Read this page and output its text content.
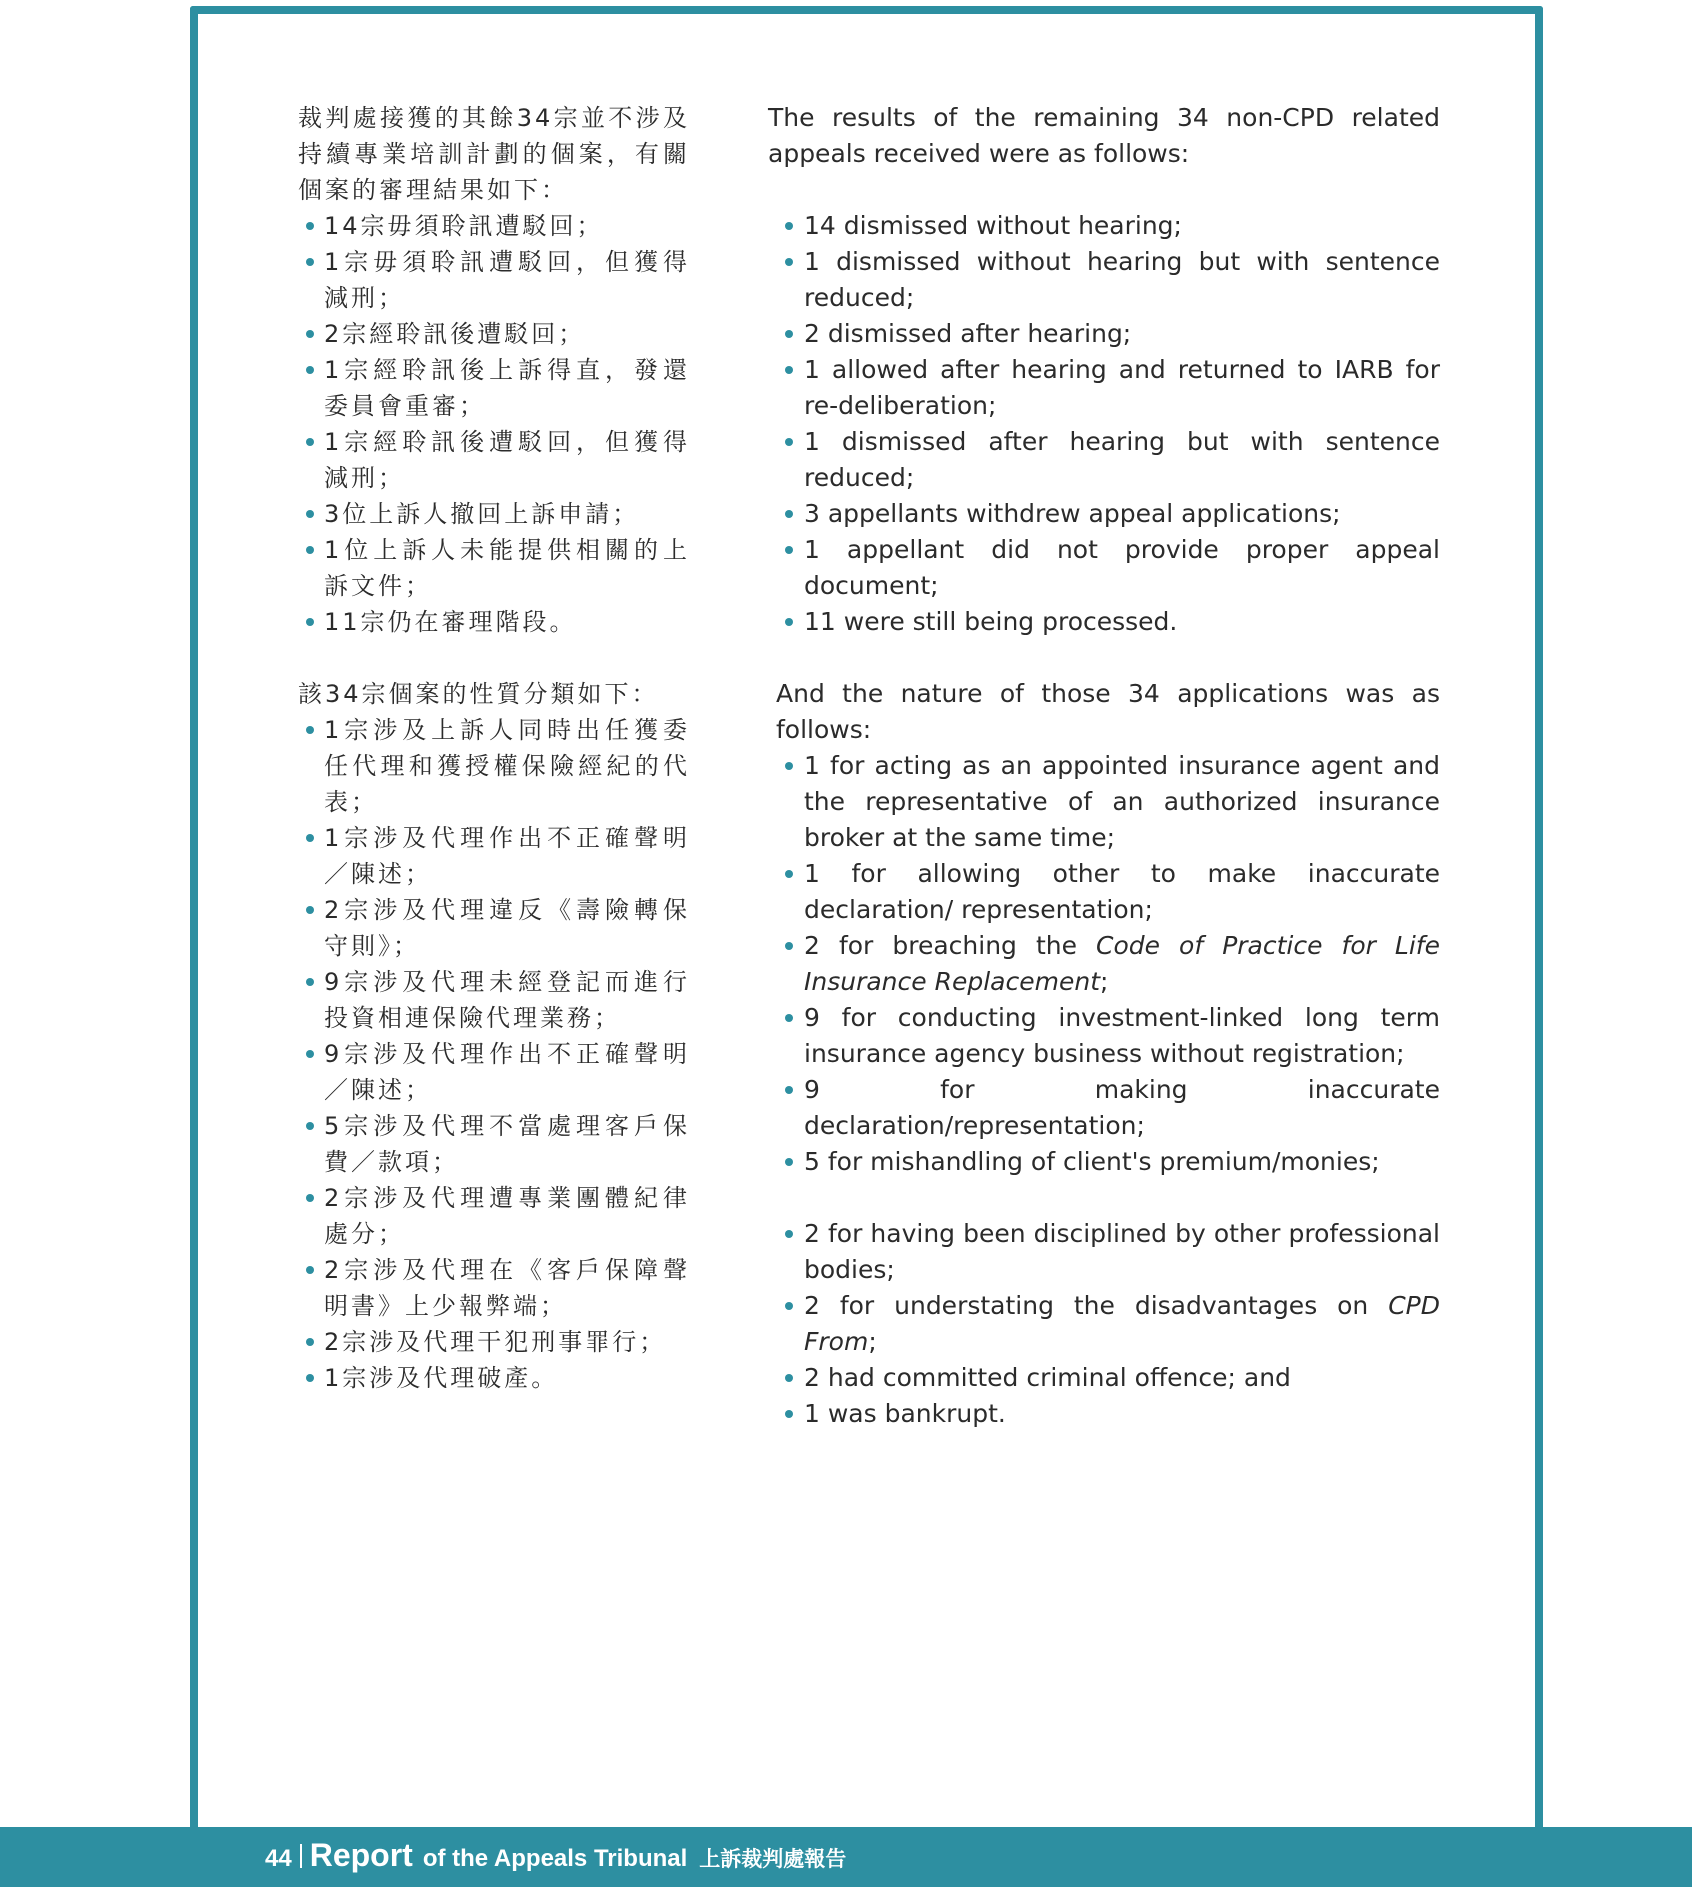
裁判處接獲的其餘34宗並不涉及持續專業培訓計劃的個案，有關個案的審理結果如下：

14宗毋須聆訊遭駁回；
1宗毋須聆訊遭駁回，但獲得減刑；
2宗經聆訊後遭駁回；
1宗經聆訊後上訴得直，發還委員會重審；
1宗經聆訊後遭駁回，但獲得減刑；
3位上訴人撤回上訴申請；
1位上訴人未能提供相關的上訴文件；
11宗仍在審理階段。

該34宗個案的性質分類如下：

1宗涉及上訴人同時出任獲委任代理和獲授權保險經紀的代表；
1宗涉及代理作出不正確聲明／陳述；
2宗涉及代理違反《壽險轉保守則》；
9宗涉及代理未經登記而進行投資相連保險代理業務；
9宗涉及代理作出不正確聲明／陳述；
5宗涉及代理不當處理客戶保費／款項；
2宗涉及代理遭專業團體紀律處分；
2宗涉及代理在《客戶保障聲明書》上少報弊端；
2宗涉及代理干犯刑事罪行；
1宗涉及代理破產。

The results of the remaining 34 non-CPD related appeals received were as follows:

14 dismissed without hearing;
1 dismissed without hearing but with sentence reduced;
2 dismissed after hearing;
1 allowed after hearing and returned to IARB for re-deliberation;
1 dismissed after hearing but with sentence reduced;
3 appellants withdrew appeal applications;
1 appellant did not provide proper appeal document;
11 were still being processed.

And the nature of those 34 applications was as follows:

1 for acting as an appointed insurance agent and the representative of an authorized insurance broker at the same time;
1 for allowing other to make inaccurate declaration/ representation;
2 for breaching the Code of Practice for Life Insurance Replacement;
9 for conducting investment-linked long term insurance agency business without registration;
9 for making inaccurate declaration/representation;
5 for mishandling of client's premium/monies;
2 for having been disciplined by other professional bodies;
2 for understating the disadvantages on CPD From;
2 had committed criminal offence; and
1 was bankrupt.
44 Report of the Appeals Tribunal 上訴裁判處報告
